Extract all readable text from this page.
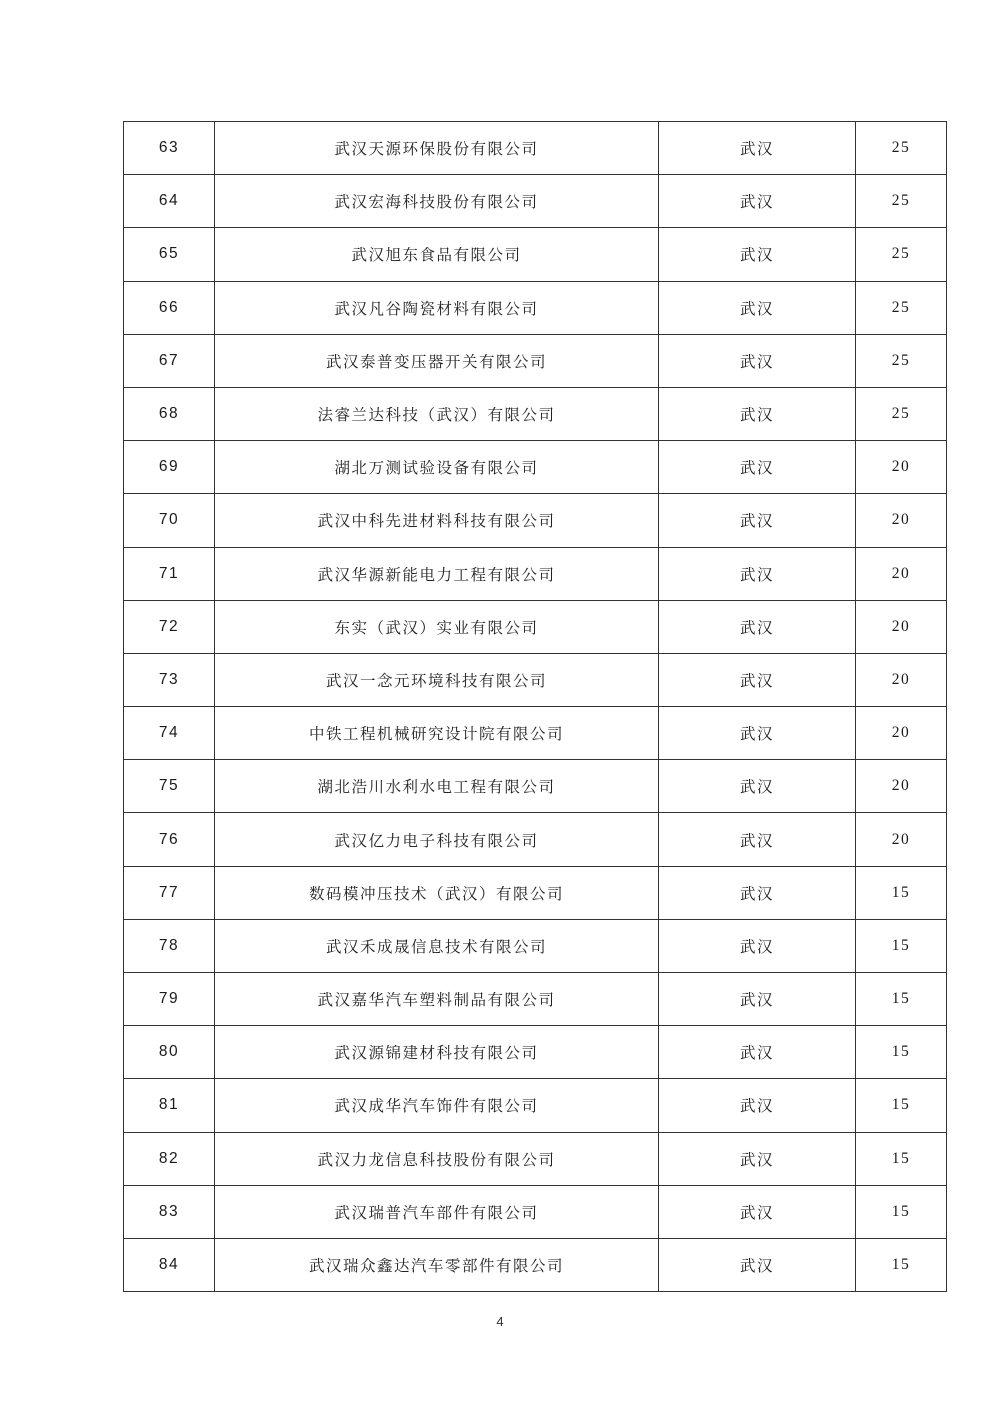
63	武汉天源环保股份有限公司	武汉	25
64	武汉宏海科技股份有限公司	武汉	25
65	武汉旭东食品有限公司	武汉	25
66	武汉凡谷陶瓷材料有限公司	武汉	25
67	武汉泰普变压器开关有限公司	武汉	25
68	法睿兰达科技（武汉）有限公司	武汉	25
69	湖北万测试验设备有限公司	武汉	20
70	武汉中科先进材料科技有限公司	武汉	20
71	武汉华源新能电力工程有限公司	武汉	20
72	东实（武汉）实业有限公司	武汉	20
73	武汉一念元环境科技有限公司	武汉	20
74	中铁工程机械研究设计院有限公司	武汉	20
75	湖北浩川水利水电工程有限公司	武汉	20
76	武汉亿力电子科技有限公司	武汉	20
77	数码模冲压技术（武汉）有限公司	武汉	15
78	武汉禾成晟信息技术有限公司	武汉	15
79	武汉嘉华汽车塑料制品有限公司	武汉	15
80	武汉源锦建材科技有限公司	武汉	15
81	武汉成华汽车饰件有限公司	武汉	15
82	武汉力龙信息科技股份有限公司	武汉	15
83	武汉瑞普汽车部件有限公司	武汉	15
84	武汉瑞众鑫达汽车零部件有限公司	武汉	15
4
